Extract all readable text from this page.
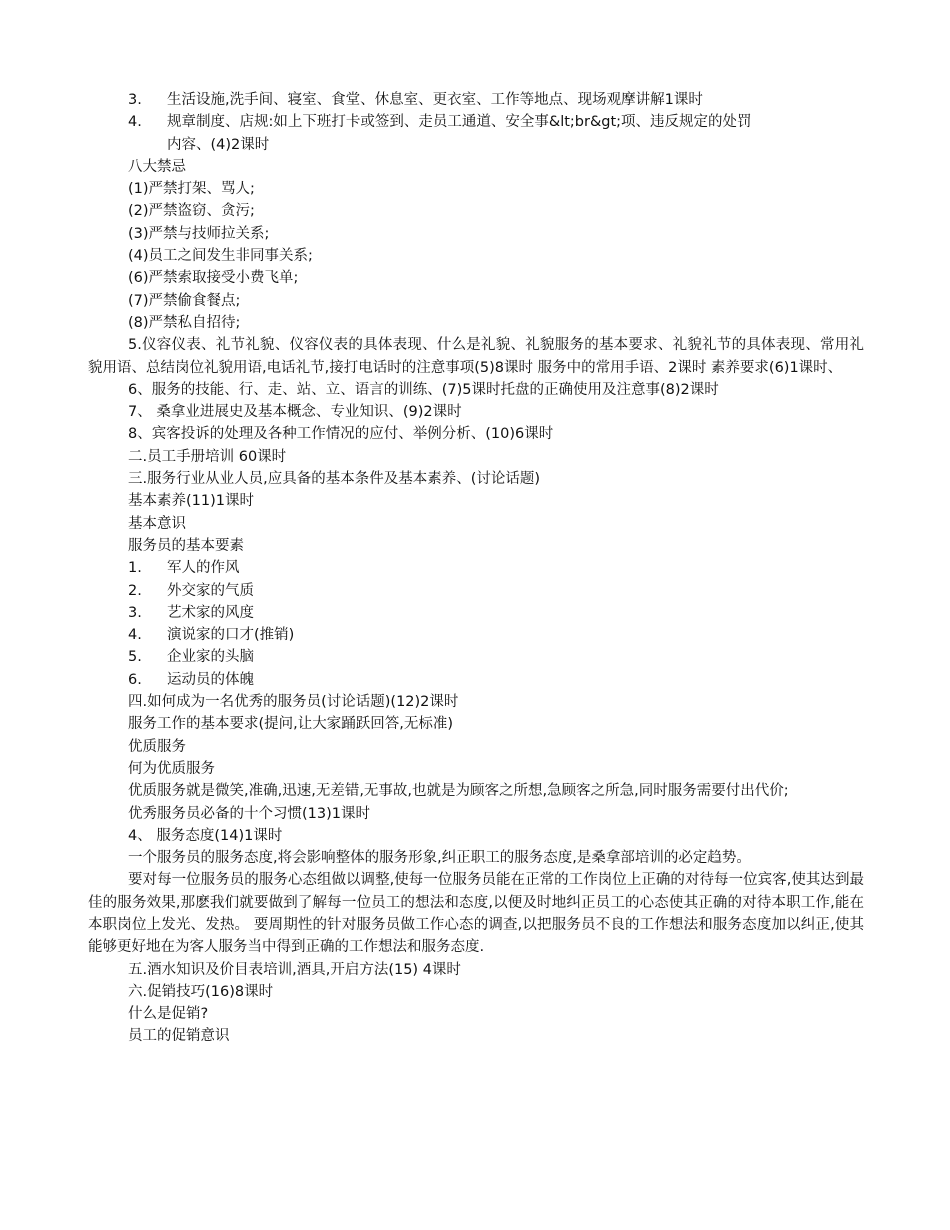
3. 生活设施,洗手间、寝室、食堂、休息室、更衣室、工作等地点、现场观摩讲解1课时
4. 规章制度、店规:如上下班打卡或签到、走员工通道、安全事&lt;br&gt;项、违反规定的处罚
内容、(4)2课时
八大禁忌
(1)严禁打架、骂人;
(2)严禁盗窃、贪污;
(3)严禁与技师拉关系;
(4)员工之间发生非同事关系;
(6)严禁索取接受小费飞单;
(7)严禁偷食餐点;
(8)严禁私自招待;
5.仪容仪表、礼节礼貌、仪容仪表的具体表现、什么是礼貌、礼貌服务的基本要求、礼貌礼节的具体表现、常用礼貌用语、总结岗位礼貌用语,电话礼节,接打电话时的注意事项(5)8课时 服务中的常用手语、2课时 素养要求(6)1课时、
6、服务的技能、行、走、站、立、语言的训练、(7)5课时托盘的正确使用及注意事(8)2课时
7、 桑拿业进展史及基本概念、专业知识、(9)2课时
8、宾客投诉的处理及各种工作情况的应付、举例分析、(10)6课时
二.员工手册培训 60课时
三.服务行业从业人员,应具备的基本条件及基本素养、(讨论话题)
基本素养(11)1课时
基本意识
服务员的基本要素
1. 军人的作风
2. 外交家的气质
3. 艺术家的风度
4. 演说家的口才(推销)
5. 企业家的头脑
6. 运动员的体魄
四.如何成为一名优秀的服务员(讨论话题)(12)2课时
服务工作的基本要求(提问,让大家踊跃回答,无标准)
优质服务
何为优质服务
优质服务就是微笑,准确,迅速,无差错,无事故,也就是为顾客之所想,急顾客之所急,同时服务需要付出代价;
优秀服务员必备的十个习惯(13)1课时
4、 服务态度(14)1课时
一个服务员的服务态度,将会影响整体的服务形象,纠正职工的服务态度,是桑拿部培训的必定趋势。
要对每一位服务员的服务心态组做以调整,使每一位服务员能在正常的工作岗位上正确的对待每一位宾客,使其达到最佳的服务效果,那麽我们就要做到了解每一位员工的想法和态度,以便及时地纠正员工的心态使其正确的对待本职工作,能在本职岗位上发光、发热。 要周期性的针对服务员做工作心态的调查,以把服务员不良的工作想法和服务态度加以纠正,使其能够更好地在为客人服务当中得到正确的工作想法和服务态度.
五.酒水知识及价目表培训,酒具,开启方法(15) 4课时
六.促销技巧(16)8课时
什么是促销?
员工的促销意识
